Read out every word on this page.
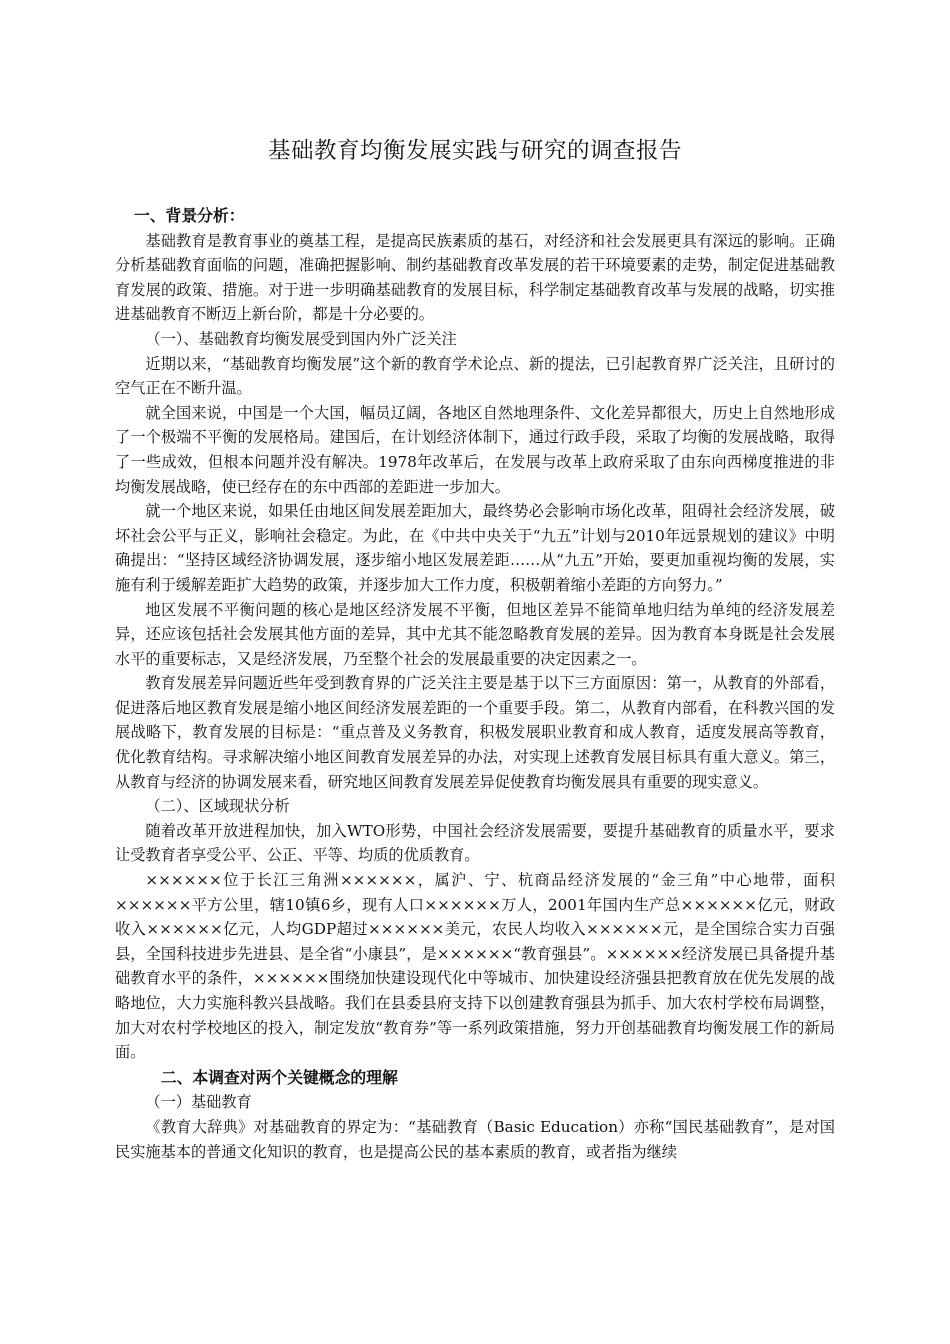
基础教育均衡发展实践与研究的调查报告
一、背景分析：

基础教育是教育事业的奠基工程，是提高民族素质的基石，对经济和社会发展更具有深远的影响。正确分析基础教育面临的问题，准确把握影响、制约基础教育改革发展的若干环境要素的走势，制定促进基础教育发展的政策、措施。对于进一步明确基础教育的发展目标，科学制定基础教育改革与发展的战略，切实推进基础教育不断迈上新台阶，都是十分必要的。

（一）、基础教育均衡发展受到国内外广泛关注

近期以来，“基础教育均衡发展”这个新的教育学术论点、新的提法，已引起教育界广泛关注，且研讨的空气正在不断升温。

就全国来说，中国是一个大国，幅员辽阔，各地区自然地理条件、文化差异都很大，历史上自然地形成了一个极端不平衡的发展格局。建国后，在计划经济体制下，通过行政手段，采取了均衡的发展战略，取得了一些成效，但根本问题并没有解决。1978年改革后，在发展与改革上政府采取了由东向西梯度推进的非均衡发展战略，使已经存在的东中西部的差距进一步加大。

就一个地区来说，如果任由地区间发展差距加大，最终势必会影响市场化改革，阻碍社会经济发展，破坏社会公平与正义，影响社会稳定。为此，在《中共中央关于“九五”计划与2010年远景规划的建议》中明确提出：“坚持区域经济协调发展，逐步缩小地区发展差距……从“九五”开始，要更加重视均衡的发展，实施有利于缓解差距扩大趋势的政策，并逐步加大工作力度，积极朝着缩小差距的方向努力。”

地区发展不平衡问题的核心是地区经济发展不平衡，但地区差异不能简单地归结为单纯的经济发展差异，还应该包括社会发展其他方面的差异，其中尤其不能忽略教育发展的差异。因为教育本身既是社会发展水平的重要标志，又是经济发展，乃至整个社会的发展最重要的决定因素之一。

教育发展差异问题近些年受到教育界的广泛关注主要是基于以下三方面原因：第一，从教育的外部看，促进落后地区教育发展是缩小地区间经济发展差距的一个重要手段。第二，从教育内部看，在科教兴国的发展战略下，教育发展的目标是：“重点普及义务教育，积极发展职业教育和成人教育，适度发展高等教育，优化教育结构。寻求解决缩小地区间教育发展差异的办法，对实现上述教育发展目标具有重大意义。第三，从教育与经济的协调发展来看，研究地区间教育发展差异促使教育均衡发展具有重要的现实意义。

（二）、区域现状分析

随着改革开放进程加快，加入WTO形势，中国社会经济发展需要，要提升基础教育的质量水平，要求让受教育者享受公平、公正、平等、均质的优质教育。

××××××位于长江三角洲××××××，属沪、宁、杭商品经济发展的“金三角”中心地带，面积××××××平方公里，辖10镇6乡，现有人口××××××万人，2001年国内生产总××××××亿元，财政收入××××××亿元，人均GDP超过××××××美元，农民人均收入××××××元，是全国综合实力百强县，全国科技进步先进县、是全省“小康县”，是××××××“教育强县”。××××××经济发展已具备提升基础教育水平的条件，××××××围绕加快建设现代化中等城市、加快建设经济强县把教育放在优先发展的战略地位，大力实施科教兴县战略。我们在县委县府支持下以创建教育强县为抓手、加大农村学校布局调整，加大对农村学校地区的投入，制定发放“教育券”等一系列政策措施，努力开创基础教育均衡发展工作的新局面。

二、本调查对两个关键概念的理解

（一）基础教育

《教育大辞典》对基础教育的界定为：“基础教育（Basic Education）亦称“国民基础教育”，是对国民实施基本的普通文化知识的教育，也是提高公民的基本素质的教育，或者指为继续
